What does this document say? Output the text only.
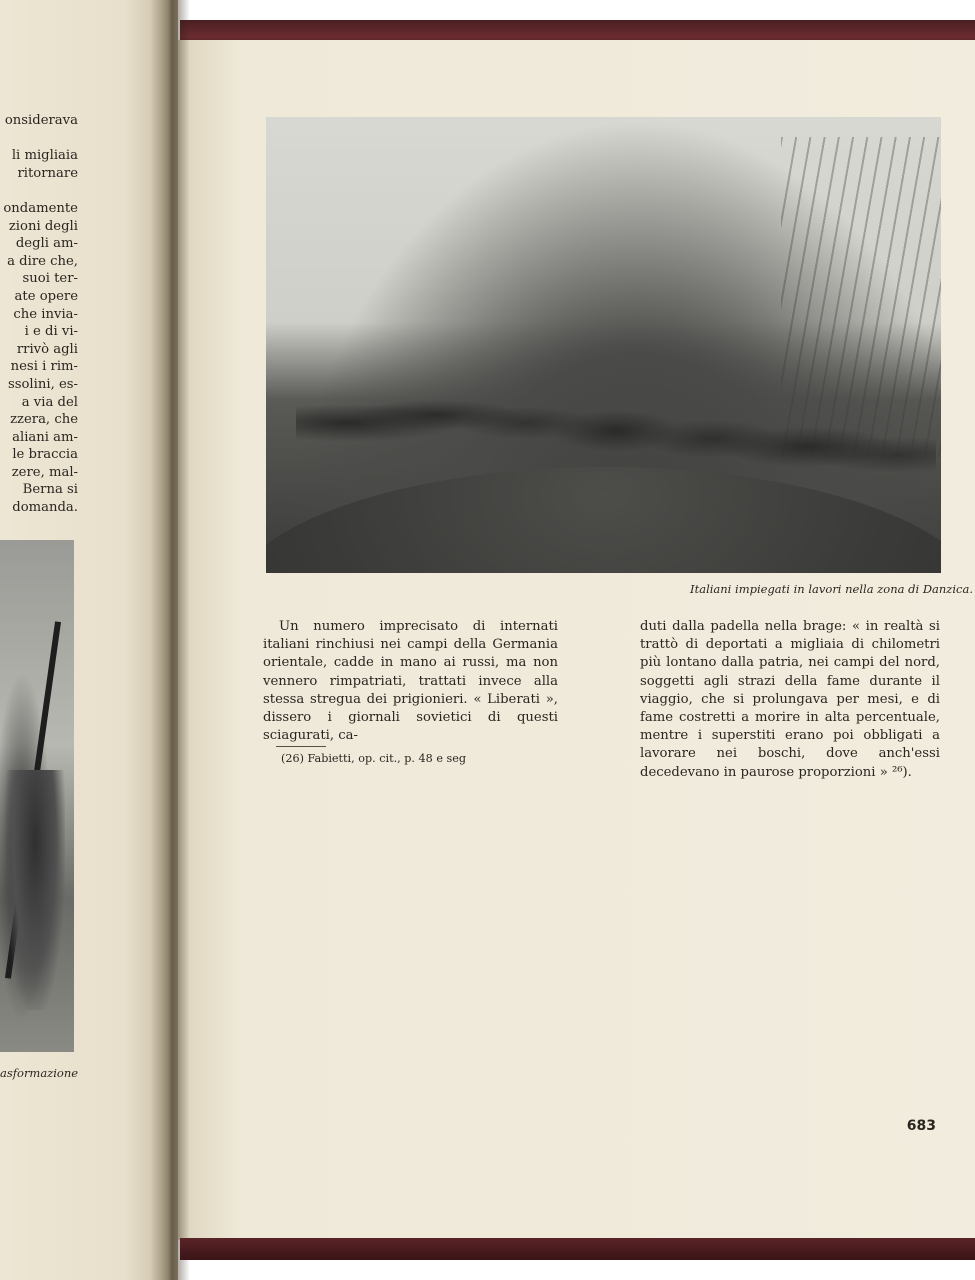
onsiderava
li migliaia
ritornare
ondamente
zioni degli
degli am-
a dire che,
suoi ter-
ate opere
che invia-
i e di vi-
rrivò agli
nesi i rim-
ssolini, es-
a via del
zzera, che
aliani am-
le braccia
zere, mal-
Berna si
domanda.
asformazione
Italiani impiegati in lavori nella zona di Danzica.
Un numero imprecisato di internati italiani rinchiusi nei campi della Germania orientale, cadde in mano ai russi, ma non vennero rimpatriati, trattati invece alla stessa stregua dei prigionieri. « Liberati », dissero i giornali sovietici di questi sciagurati, ca-
duti dalla padella nella brage: « in realtà si trattò di deportati a migliaia di chilometri più lontano dalla patria, nei campi del nord, soggetti agli strazi della fame durante il viaggio, che si prolungava per mesi, e di fame costretti a morire in alta percentuale, mentre i superstiti erano poi obbligati a lavorare nei boschi, dove anch'essi decedevano in paurose proporzioni » ²⁶).
(26) Fabietti, op. cit., p. 48 e seg
683
